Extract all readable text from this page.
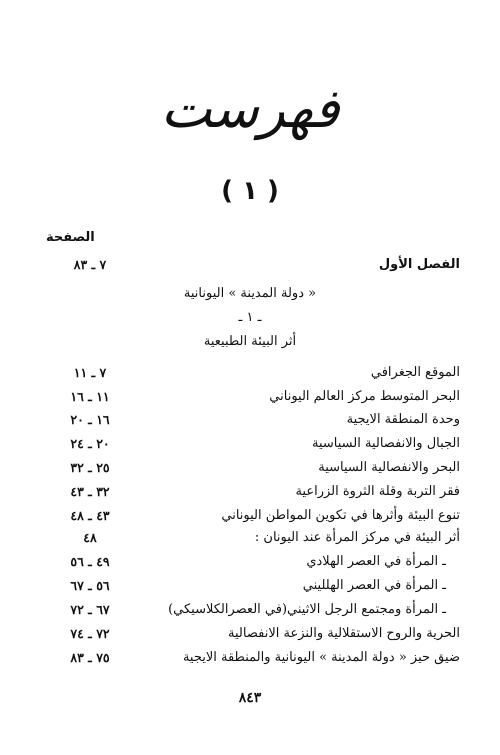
فهرست
( ١ )
الصفحة
الفصل الأول
٧ ـ ٨٣
« دولة المدينة » اليونانية
ـ ١ ـ
أثر البيئة الطبيعية
الموقع الجغرافي
٧ ـ ١١
البحر المتوسط مركز العالم اليوناني
١١ ـ ١٦
وحدة المنطقة الايجية
١٦ ـ ٢٠
الجبال والانفصالية السياسية
٢٠ ـ ٢٤
البحر والانفصالية السياسية
٢٥ ـ ٣٢
فقر التربة وقلة الثروة الزراعية
٣٢ ـ ٤٣
تنوع البيئة وأثرها في تكوين المواطن اليوناني
٤٣ ـ ٤٨
أثر البيئة في مركز المرأة عند اليونان :
٤٨
ـ المرأة في العصر الهلادي
٤٩ ـ ٥٦
ـ المرأة في العصر الهلليني
٥٦ ـ ٦٧
ـ المرأة ومجتمع الرجل الاثيني(في العصرالكلاسيكي)
٦٧ ـ ٧٢
الحرية والروح الاستقلالية والنزعة الانفصالية
٧٢ ـ ٧٤
ضيق حيز « دولة المدينة » اليونانية والمنطقة الايجية
٧٥ ـ ٨٣
٨٤٣
